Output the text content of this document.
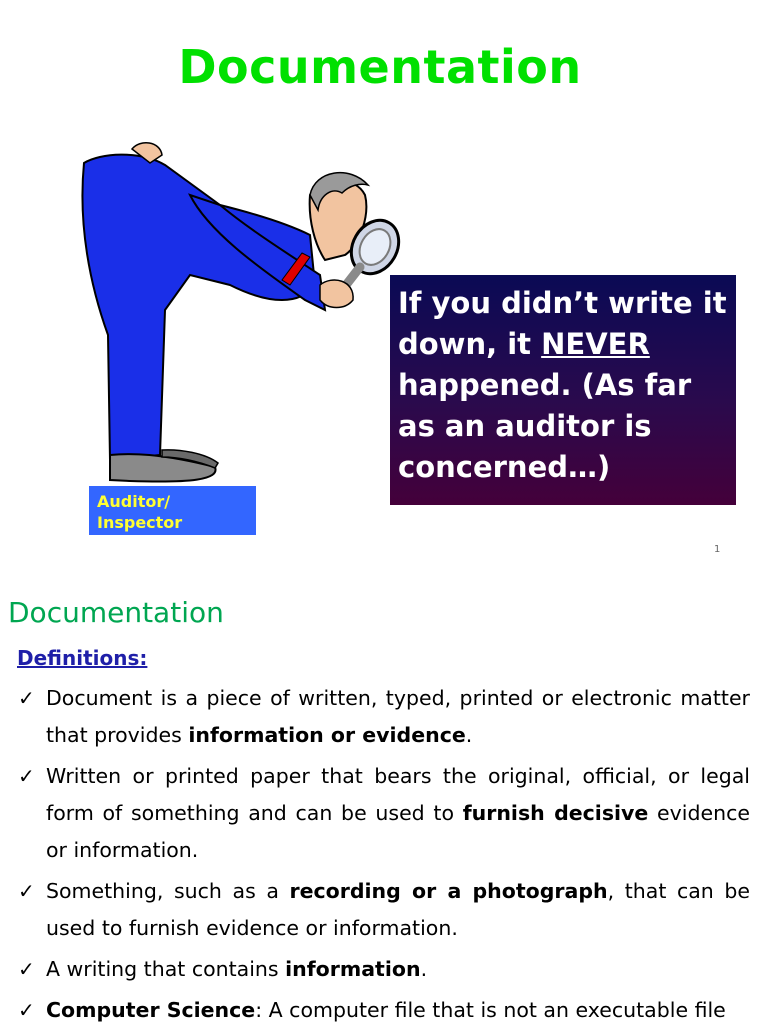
Documentation
Auditor/
Inspector
If you didn’t write it down, it NEVER happened. (As far as an auditor is concerned…)
1
Documentation
Definitions:
✓ Document is a piece of written, typed, printed or electronic matter that provides information or evidence.
✓ Written or printed paper that bears the original, official, or legal form of something and can be used to furnish decisive evidence or information.
✓ Something, such as a recording or a photograph, that can be used to furnish evidence or information.
✓ A writing that contains information.
✓ Computer Science: A computer file that is not an executable file
